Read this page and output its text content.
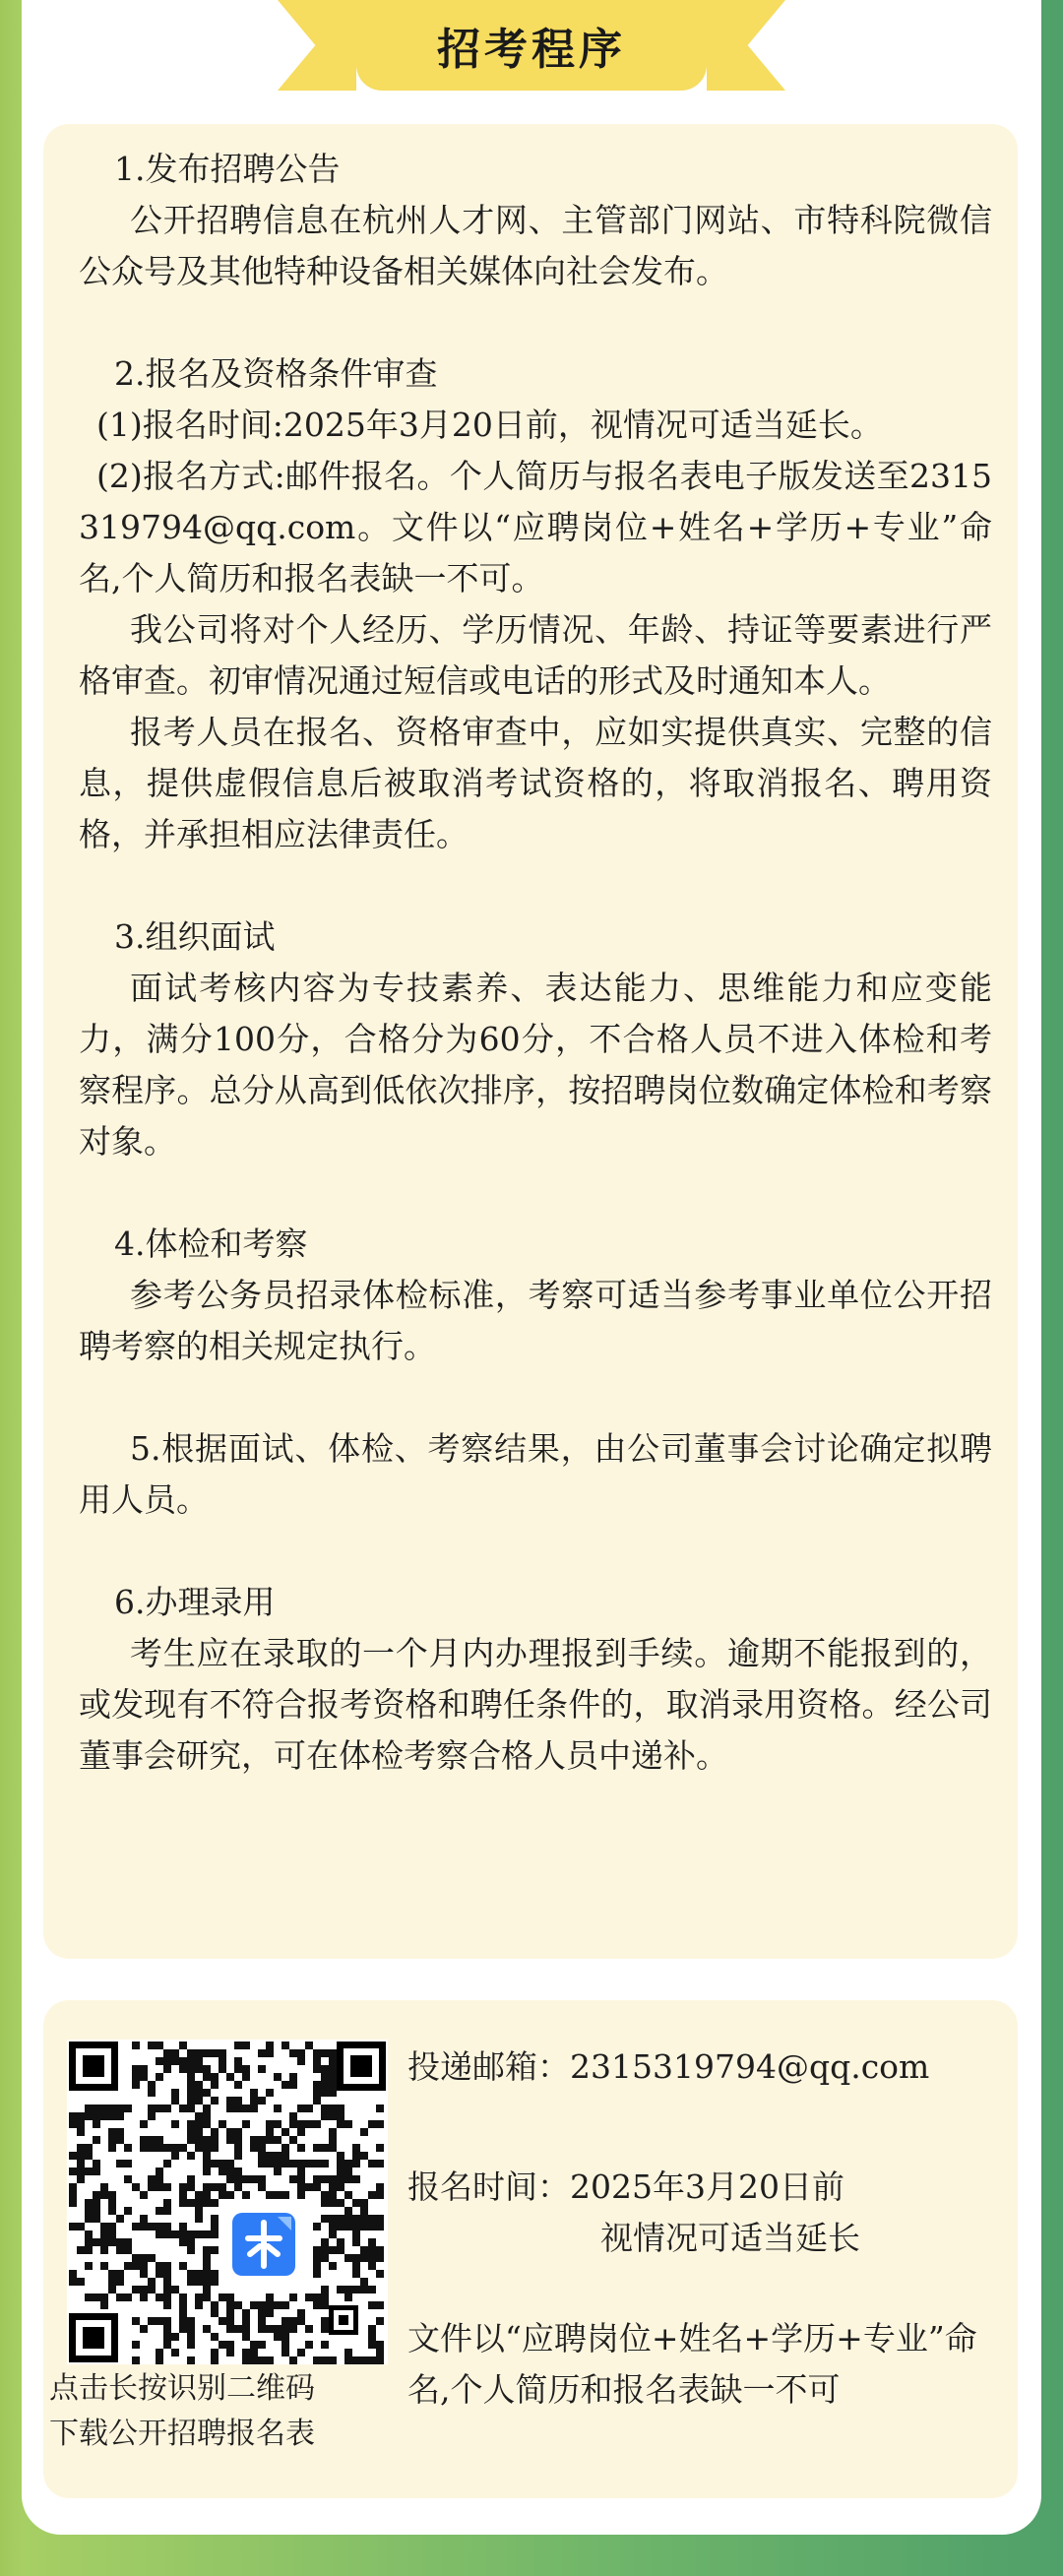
招考程序

1.发布招聘公告

公开招聘信息在杭州人才网、主管部门网站、市特科院微信公众号及其他特种设备相关媒体向社会发布。

2.报名及资格条件审查

(1)报名时间:2025年3月20日前，视情况可适当延长。

(2)报名方式:邮件报名。个人简历与报名表电子版发送至2315319794@qq.com。文件以“应聘岗位+姓名+学历+专业”命名,个人简历和报名表缺一不可。

我公司将对个人经历、学历情况、年龄、持证等要素进行严格审查。初审情况通过短信或电话的形式及时通知本人。

报考人员在报名、资格审查中，应如实提供真实、完整的信息，提供虚假信息后被取消考试资格的，将取消报名、聘用资格，并承担相应法律责任。

3.组织面试

面试考核内容为专技素养、表达能力、思维能力和应变能力，满分100分，合格分为60分，不合格人员不进入体检和考察程序。总分从高到低依次排序，按招聘岗位数确定体检和考察对象。

4.体检和考察

参考公务员招录体检标准，考察可适当参考事业单位公开招聘考察的相关规定执行。

5.根据面试、体检、考察结果，由公司董事会讨论确定拟聘用人员。

6.办理录用

考生应在录取的一个月内办理报到手续。逾期不能报到的，或发现有不符合报考资格和聘任条件的，取消录用资格。经公司董事会研究，可在体检考察合格人员中递补。

点击长按识别二维码
下载公开招聘报名表
投递邮箱：2315319794@qq.com
报名时间：2025年3月20日前
视情况可适当延长
文件以“应聘岗位+姓名+学历+专业”命名,个人简历和报名表缺一不可
